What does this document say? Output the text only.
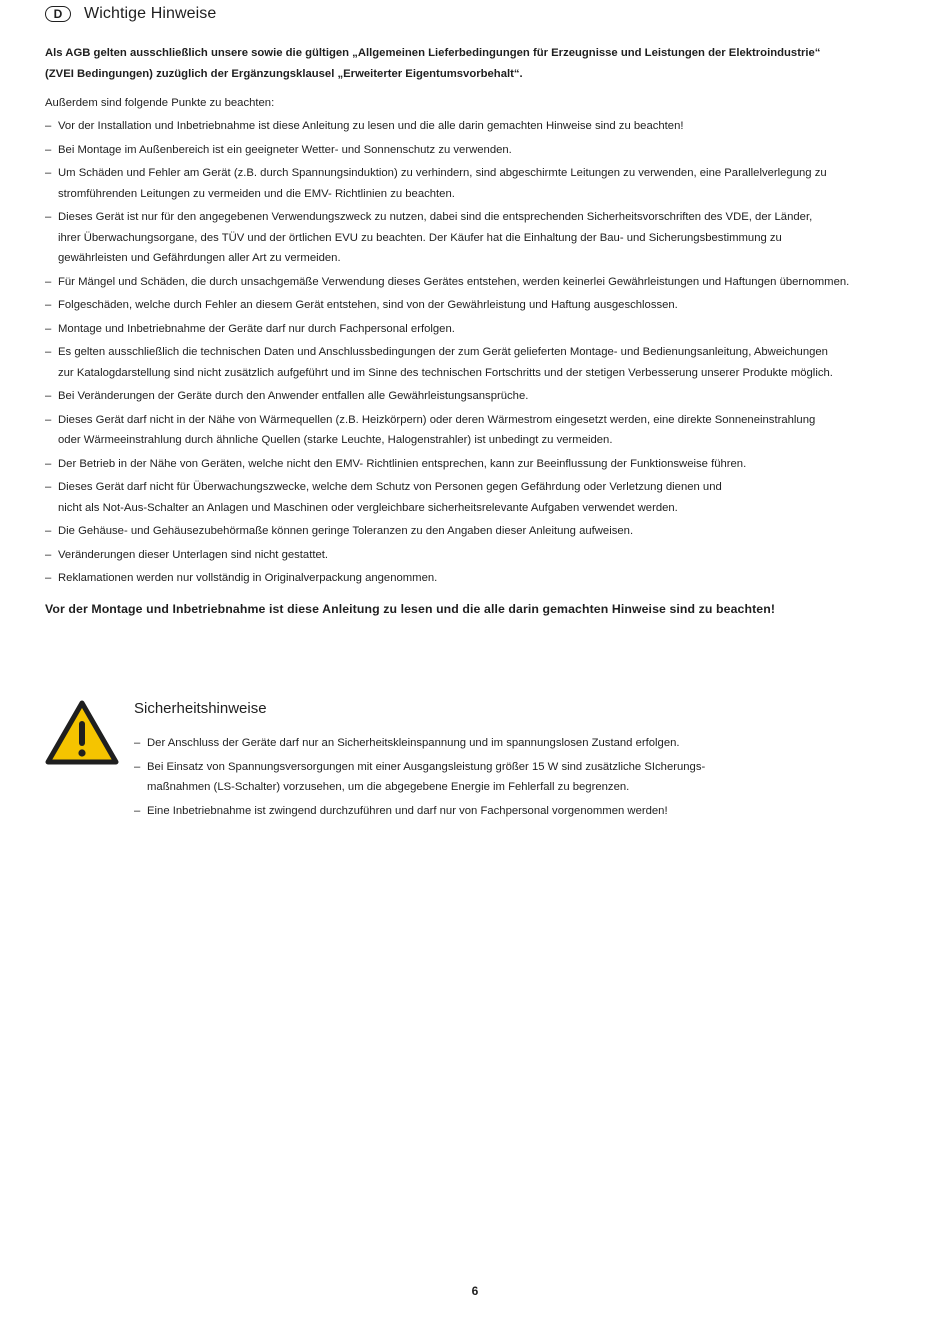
D	Wichtige Hinweise
Als AGB gelten ausschließlich unsere sowie die gültigen „Allgemeinen Lieferbedingungen für Erzeugnisse und Leistungen der Elektroindustrie“
(ZVEI Bedingungen) zuzüglich der Ergänzungsklausel „Erweiterter Eigentumsvorbehalt“.
Außerdem sind folgende Punkte zu beachten:
– Vor der Installation und Inbetriebnahme ist diese Anleitung zu lesen und die alle darin gemachten Hinweise sind zu beachten!
– Bei Montage im Außenbereich ist ein geeigneter Wetter- und Sonnenschutz zu verwenden.
– Um Schäden und Fehler am Gerät (z.B. durch Spannungsinduktion) zu verhindern, sind abgeschirmte Leitungen zu verwenden, eine Parallelverlegung zu
stromführenden Leitungen zu vermeiden und die EMV- Richtlinien zu beachten.
– Dieses Gerät ist nur für den angegebenen Verwendungszweck zu nutzen, dabei sind die entsprechenden Sicherheitsvorschriften des VDE, der Länder,
ihrer Überwachungsorgane, des TÜV und der örtlichen EVU zu beachten. Der Käufer hat die Einhaltung der Bau- und Sicherungsbestimmung zu
gewährleisten und Gefährdungen aller Art zu vermeiden.
– Für Mängel und Schäden, die durch unsachgemäße Verwendung dieses Gerätes entstehen, werden keinerlei Gewährleistungen und Haftungen übernommen.
– Folgeschäden, welche durch Fehler an diesem Gerät entstehen, sind von der Gewährleistung und Haftung ausgeschlossen.
– Montage und Inbetriebnahme der Geräte darf nur durch Fachpersonal erfolgen.
– Es gelten ausschließlich die technischen Daten und Anschlussbedingungen der zum Gerät gelieferten Montage- und Bedienungsanleitung, Abweichungen
zur Katalogdarstellung sind nicht zusätzlich aufgeführt und im Sinne des technischen Fortschritts und der stetigen Verbesserung unserer Produkte möglich.
– Bei Veränderungen der Geräte durch den Anwender entfallen alle Gewährleistungsansprüche.
– Dieses Gerät darf nicht in der Nähe von Wärmequellen (z.B. Heizkörpern) oder deren Wärmestrom eingesetzt werden, eine direkte Sonneneinstrahlung
oder Wärmeeinstrahlung durch ähnliche Quellen (starke Leuchte, Halogenstrahler) ist unbedingt zu vermeiden.
– Der Betrieb in der Nähe von Geräten, welche nicht den EMV- Richtlinien entsprechen, kann zur Beeinflussung der Funktionsweise führen.
– Dieses Gerät darf nicht für Überwachungszwecke, welche dem Schutz von Personen gegen Gefährdung oder Verletzung dienen und
nicht als Not-Aus-Schalter an Anlagen und Maschinen oder vergleichbare sicherheitsrelevante Aufgaben verwendet werden.
– Die Gehäuse- und Gehäusezubehörmaße können geringe Toleranzen zu den Angaben dieser Anleitung aufweisen.
– Veränderungen dieser Unterlagen sind nicht gestattet.
– Reklamationen werden nur vollständig in Originalverpackung angenommen.
Vor der Montage und Inbetriebnahme ist diese Anleitung zu lesen und die alle darin gemachten Hinweise sind zu beachten!
Sicherheitshinweise
– Der Anschluss der Geräte darf nur an Sicherheitskleinspannung und im spannungslosen Zustand erfolgen.
– Bei Einsatz von Spannungsversorgungen mit einer Ausgangsleistung größer 15 W sind zusätzliche SIcherungs-
maßnahmen (LS-Schalter) vorzusehen, um die abgegebene Energie im Fehlerfall zu begrenzen.
– Eine Inbetriebnahme ist zwingend durchzuführen und darf nur von Fachpersonal vorgenommen werden!
6
